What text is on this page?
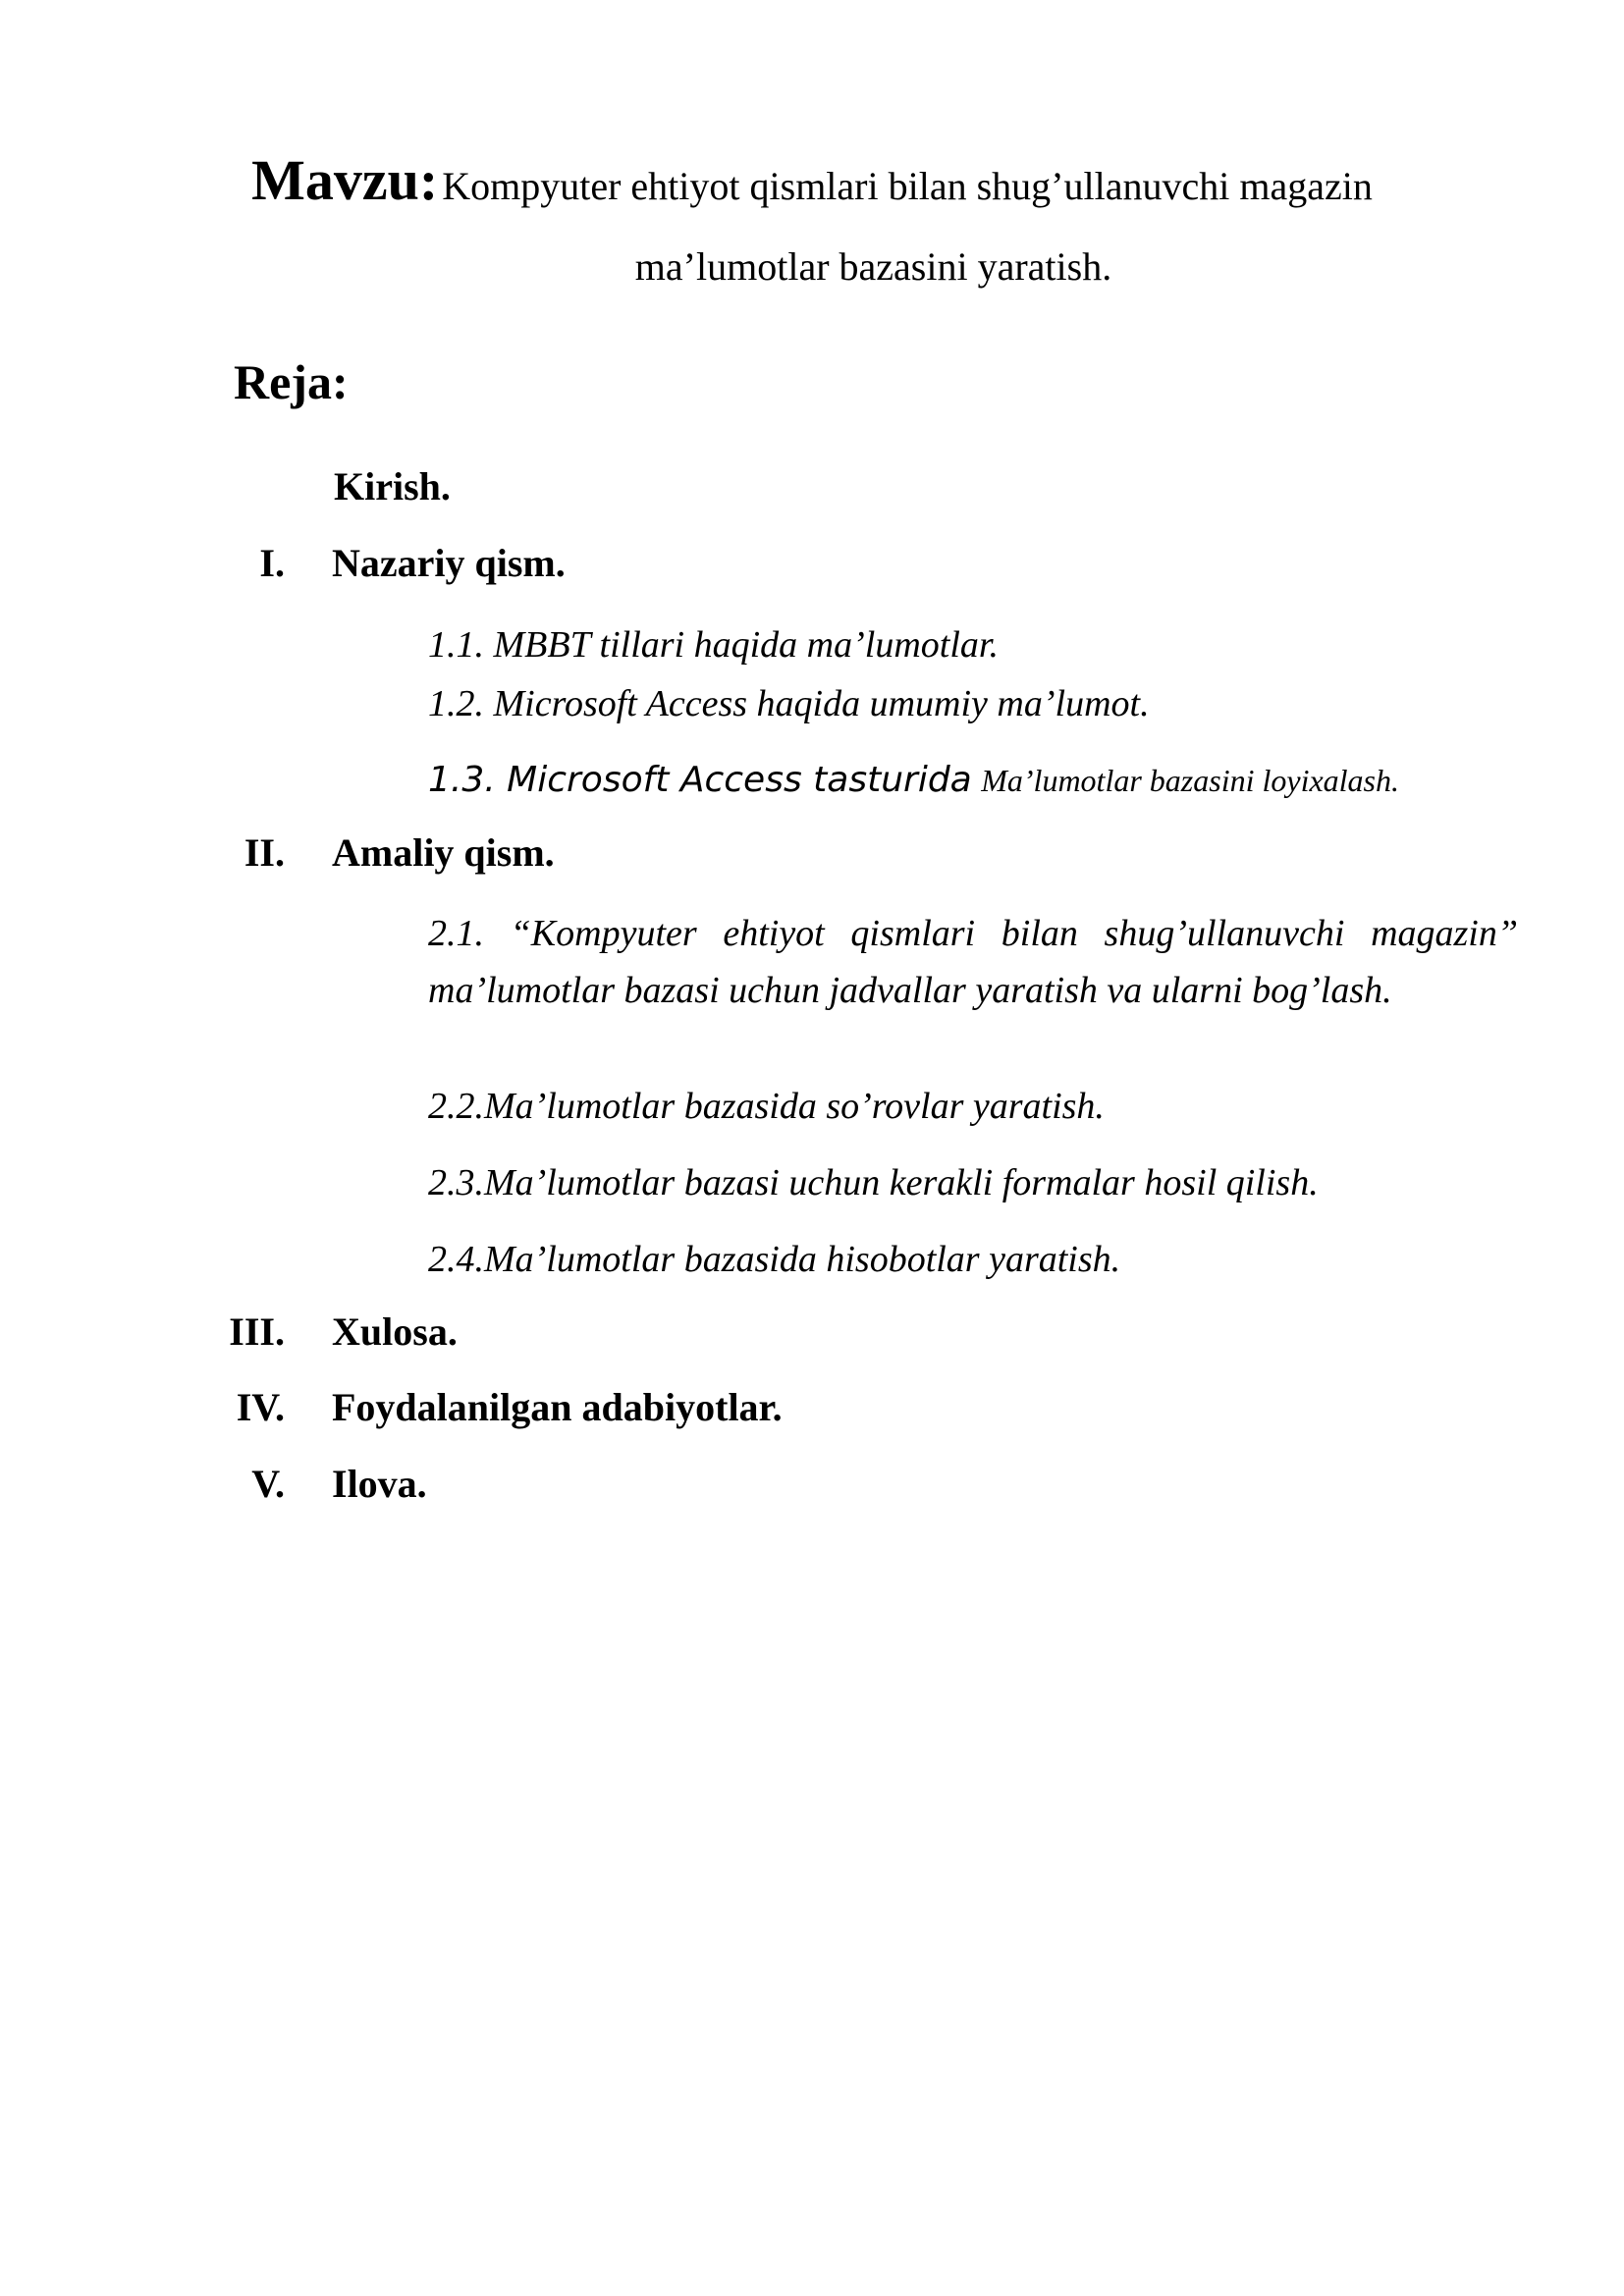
Mavzu: Kompyuter ehtiyot qismlari bilan shug’ullanuvchi magazin
ma’lumotlar bazasini yaratish.
Reja:
Kirish.
I. Nazariy qism.
1.1. MBBT tillari haqida ma’lumotlar.
1.2. Microsoft Access haqida umumiy ma’lumot.
1.3. Microsoft Access tasturida Ma’lumotlar bazasini loyixalash.
II. Amaliy qism.
2.1. “Kompyuter ehtiyot qismlari bilan shug’ullanuvchi magazin” ma’lumotlar bazasi uchun jadvallar yaratish va ularni bog’lash.
2.2.Ma’lumotlar bazasida so’rovlar yaratish.
2.3.Ma’lumotlar bazasi uchun kerakli formalar hosil qilish.
2.4.Ma’lumotlar bazasida hisobotlar yaratish.
III. Xulosa.
IV. Foydalanilgan adabiyotlar.
V. Ilova.
